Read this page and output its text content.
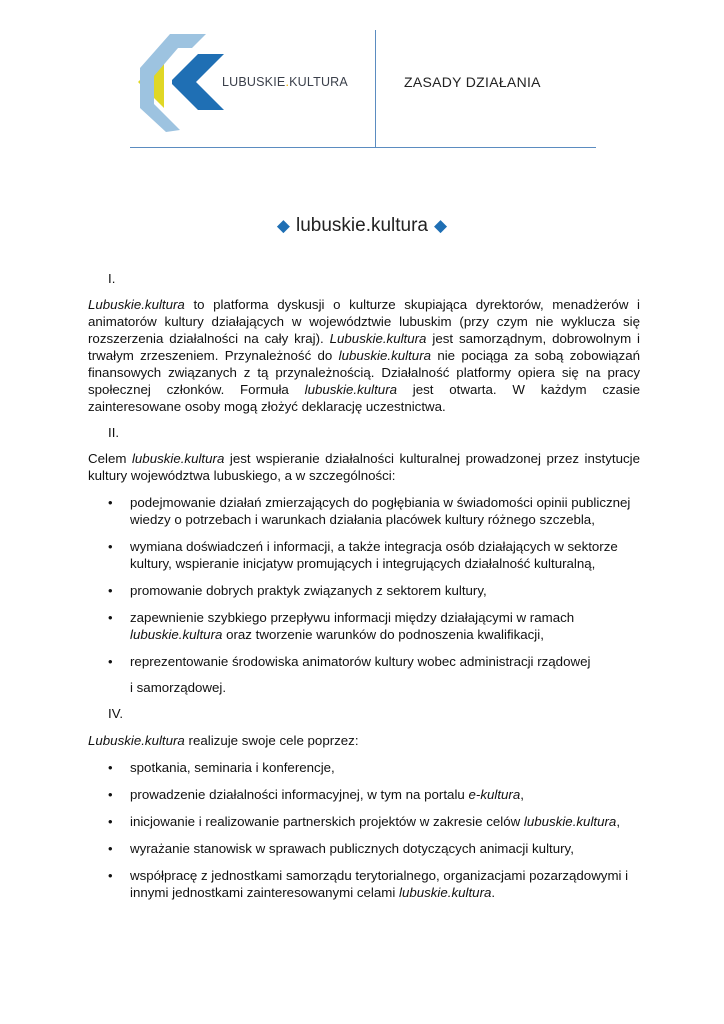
LUBUSKIE.KULTURA	ZASADY DZIAŁANIA
◆ lubuskie.kultura ◆
I.

Lubuskie.kultura to platforma dyskusji o kulturze skupiająca dyrektorów, menadżerów i animatorów kultury działających w województwie lubuskim (przy czym nie wyklucza się rozszerzenia działalności na cały kraj). Lubuskie.kultura jest samorządnym, dobrowolnym i trwałym zrzeszeniem. Przynależność do lubuskie.kultura nie pociąga za sobą zobowiązań finansowych związanych z tą przynależnością. Działalność platformy opiera się na pracy społecznej członków. Formuła lubuskie.kultura jest otwarta. W każdym czasie zainteresowane osoby mogą złożyć deklarację uczestnictwa.

II.

Celem lubuskie.kultura jest wspieranie działalności kulturalnej prowadzonej przez instytucje kultury województwa lubuskiego, a w szczególności:

• podejmowanie działań zmierzających do pogłębiania w świadomości opinii publicznej wiedzy o potrzebach i warunkach działania placówek kultury różnego szczebla,
• wymiana doświadczeń i informacji, a także integracja osób działających w sektorze kultury, wspieranie inicjatyw promujących i integrujących działalność kulturalną,
• promowanie dobrych praktyk związanych z sektorem kultury,
• zapewnienie szybkiego przepływu informacji między działającymi w ramach lubuskie.kultura oraz tworzenie warunków do podnoszenia kwalifikacji,
• reprezentowanie środowiska animatorów kultury wobec administracji rządowej

i samorządowej.

IV.

Lubuskie.kultura realizuje swoje cele poprzez:

• spotkania, seminaria i konferencje,
• prowadzenie działalności informacyjnej, w tym na portalu e-kultura,
• inicjowanie i realizowanie partnerskich projektów w zakresie celów lubuskie.kultura,
• wyrażanie stanowisk w sprawach publicznych dotyczących animacji kultury,
• współpracę z jednostkami samorządu terytorialnego, organizacjami pozarządowymi i innymi jednostkami zainteresowanymi celami lubuskie.kultura.
